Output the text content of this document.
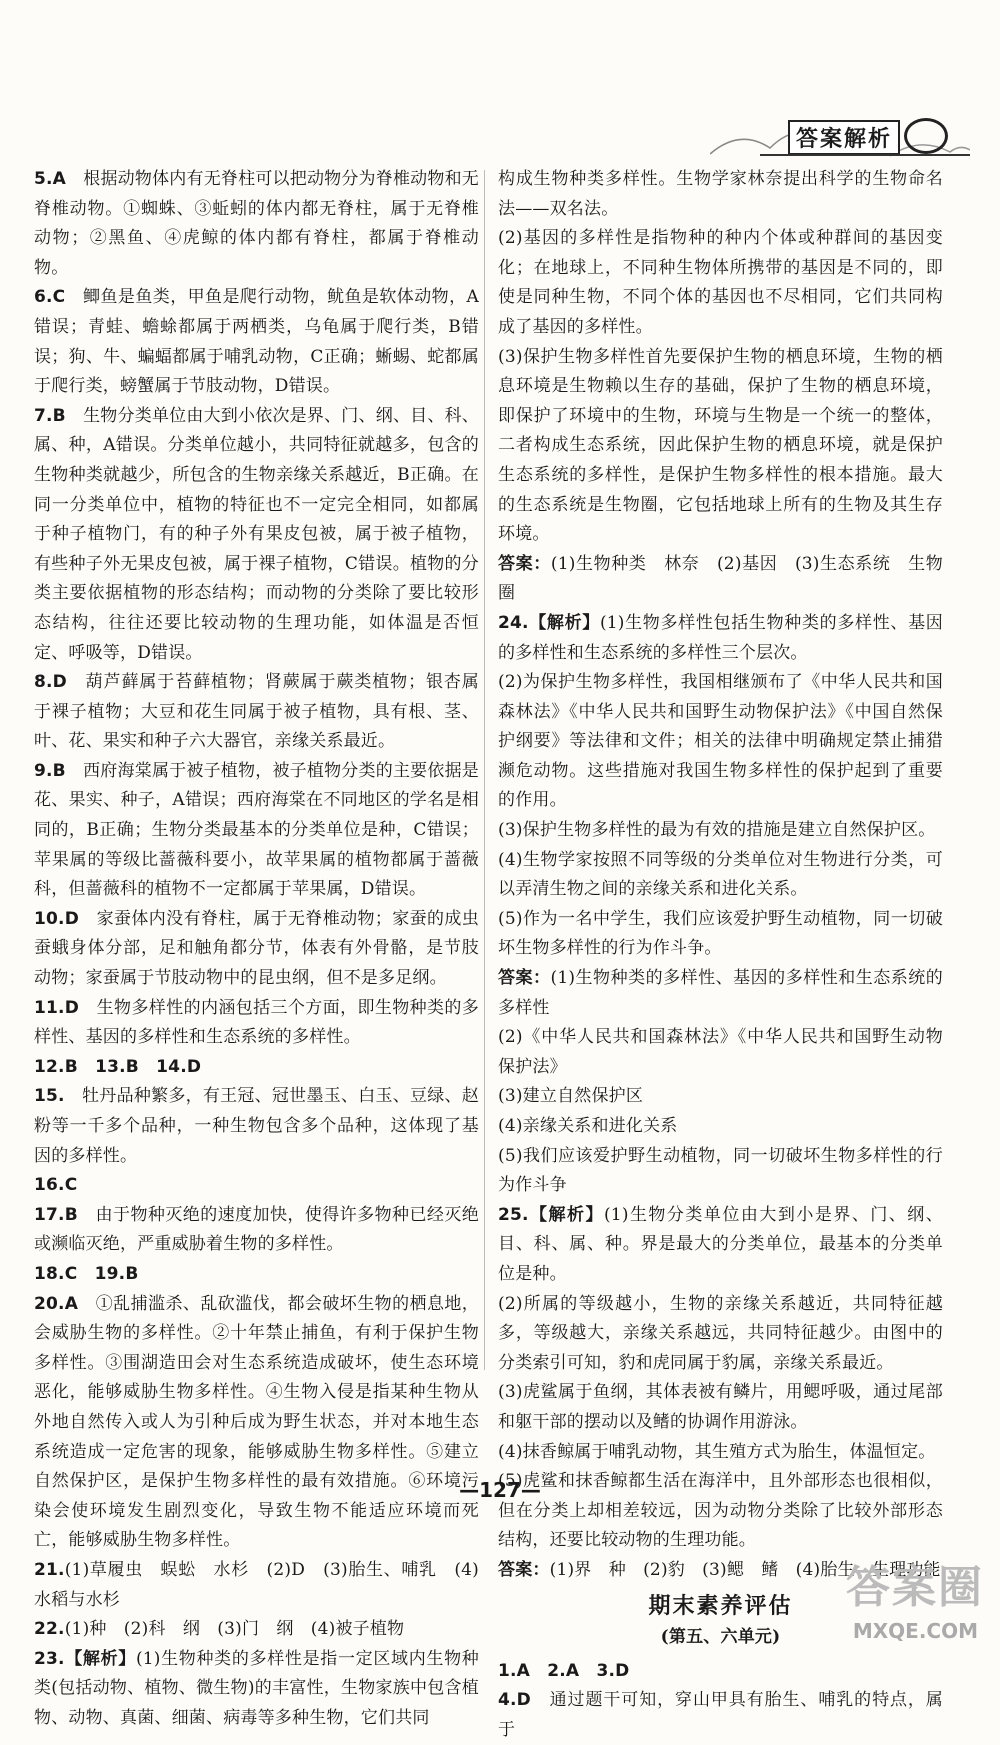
答案解析

5.A　 根据动物体内有无脊柱可以把动物分为脊椎动物和无脊椎动物。①蜘蛛、③蚯蚓的体内都无脊柱，属于无脊椎动物；②黑鱼、④虎鲸的体内都有脊柱，都属于脊椎动物。

6.C　 鲫鱼是鱼类，甲鱼是爬行动物，鱿鱼是软体动物，A错误；青蛙、蟾蜍都属于两栖类，乌龟属于爬行类，B错误；狗、牛、蝙蝠都属于哺乳动物，C正确；蜥蜴、蛇都属于爬行类，螃蟹属于节肢动物，D错误。

7.B　 生物分类单位由大到小依次是界、门、纲、目、科、属、种，A错误。分类单位越小，共同特征就越多，包含的生物种类就越少，所包含的生物亲缘关系越近，B正确。在同一分类单位中，植物的特征也不一定完全相同，如都属于种子植物门，有的种子外有果皮包被，属于被子植物，有些种子外无果皮包被，属于裸子植物，C错误。植物的分类主要依据植物的形态结构；而动物的分类除了要比较形态结构，往往还要比较动物的生理功能，如体温是否恒定、呼吸等，D错误。

8.D　 葫芦藓属于苔藓植物；肾蕨属于蕨类植物；银杏属于裸子植物；大豆和花生同属于被子植物，具有根、茎、叶、花、果实和种子六大器官，亲缘关系最近。

9.B　 西府海棠属于被子植物，被子植物分类的主要依据是花、果实、种子，A错误；西府海棠在不同地区的学名是相同的，B正确；生物分类最基本的分类单位是种，C错误；苹果属的等级比蔷薇科要小，故苹果属的植物都属于蔷薇科，但蔷薇科的植物不一定都属于苹果属，D错误。

10.D　 家蚕体内没有脊柱，属于无脊椎动物；家蚕的成虫蚕蛾身体分部，足和触角都分节，体表有外骨骼，是节肢动物；家蚕属于节肢动物中的昆虫纲，但不是多足纲。

11.D　 生物多样性的内涵包括三个方面，即生物种类的多样性、基因的多样性和生态系统的多样性。

12.B　 13.B　14.D

15.　 牡丹品种繁多，有王冠、冠世墨玉、白玉、豆绿、赵粉等一千多个品种，一种生物包含多个品种，这体现了基因的多样性。

16.C

17.B　 由于物种灭绝的速度加快，使得许多物种已经灭绝或濒临灭绝，严重威胁着生物的多样性。

18.C　 19.B

20.A　 ①乱捕滥杀、乱砍滥伐，都会破坏生物的栖息地，会威胁生物的多样性。②十年禁止捕鱼，有利于保护生物多样性。③围湖造田会对生态系统造成破坏，使生态环境恶化，能够威胁生物多样性。④生物入侵是指某种生物从外地自然传入或人为引种后成为野生状态，并对本地生态系统造成一定危害的现象，能够威胁生物多样性。⑤建立自然保护区，是保护生物多样性的最有效措施。⑥环境污染会使环境发生剧烈变化，导致生物不能适应环境而死亡，能够威胁生物多样性。

21.(1)草履虫　蜈蚣　水杉　(2)D　(3)胎生、哺乳　(4)水稻与水杉

22.(1)种　(2)科　纲　(3)门　纲　(4)被子植物

23.【解析】(1)生物种类的多样性是指一定区域内生物种类(包括动物、植物、微生物)的丰富性，生物家族中包含植物、动物、真菌、细菌、病毒等多种生物，它们共同

构成生物种类多样性。生物学家林奈提出科学的生物命名法——双名法。

(2)基因的多样性是指物种的种内个体或种群间的基因变化；在地球上，不同种生物体所携带的基因是不同的，即使是同种生物，不同个体的基因也不尽相同，它们共同构成了基因的多样性。

(3)保护生物多样性首先要保护生物的栖息环境，生物的栖息环境是生物赖以生存的基础，保护了生物的栖息环境，即保护了环境中的生物，环境与生物是一个统一的整体，二者构成生态系统，因此保护生物的栖息环境，就是保护生态系统的多样性，是保护生物多样性的根本措施。最大的生态系统是生物圈，它包括地球上所有的生物及其生存环境。

答案：(1)生物种类　林奈　(2)基因　(3)生态系统　生物圈

24.【解析】(1)生物多样性包括生物种类的多样性、基因的多样性和生态系统的多样性三个层次。

(2)为保护生物多样性，我国相继颁布了《中华人民共和国森林法》《中华人民共和国野生动物保护法》《中国自然保护纲要》等法律和文件；相关的法律中明确规定禁止捕猎濒危动物。这些措施对我国生物多样性的保护起到了重要的作用。

(3)保护生物多样性的最为有效的措施是建立自然保护区。

(4)生物学家按照不同等级的分类单位对生物进行分类，可以弄清生物之间的亲缘关系和进化关系。

(5)作为一名中学生，我们应该爱护野生动植物，同一切破坏生物多样性的行为作斗争。

答案：(1)生物种类的多样性、基因的多样性和生态系统的多样性

(2)《中华人民共和国森林法》《中华人民共和国野生动物保护法》

(3)建立自然保护区

(4)亲缘关系和进化关系

(5)我们应该爱护野生动植物，同一切破坏生物多样性的行为作斗争

25.【解析】(1)生物分类单位由大到小是界、门、纲、目、科、属、种。界是最大的分类单位，最基本的分类单位是种。

(2)所属的等级越小，生物的亲缘关系越近，共同特征越多，等级越大，亲缘关系越远，共同特征越少。由图中的分类索引可知，豹和虎同属于豹属，亲缘关系最近。

(3)虎鲨属于鱼纲，其体表被有鳞片，用鳃呼吸，通过尾部和躯干部的摆动以及鳍的协调作用游泳。

(4)抹香鲸属于哺乳动物，其生殖方式为胎生，体温恒定。

(5)虎鲨和抹香鲸都生活在海洋中，且外部形态也很相似，但在分类上却相差较远，因为动物分类除了比较外部形态结构，还要比较动物的生理功能。

答案：(1)界　种　(2)豹　(3)鳃　鳍　(4)胎生　生理功能

期末素养评估
(第五、六单元)

1.A　 2.A　3.D

4.D　 通过题干可知，穿山甲具有胎生、哺乳的特点，属于

—127—
答案圈
MXQE.COM
